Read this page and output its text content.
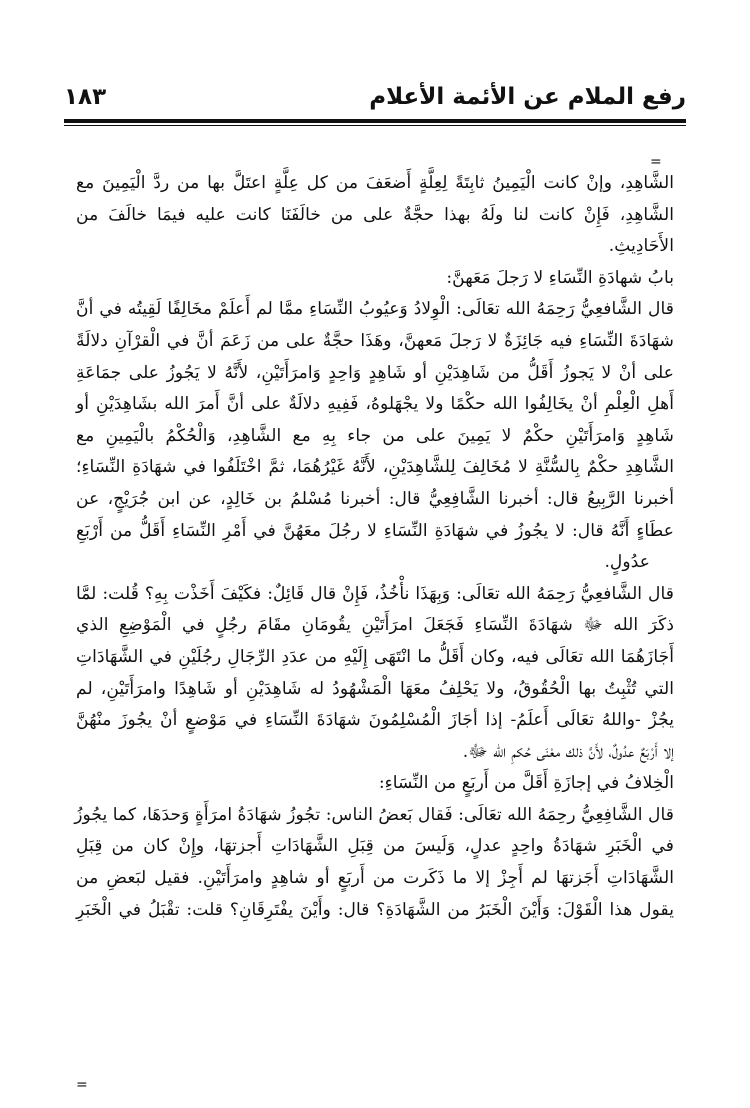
رفع الملام عن الأئمة الأعلام
١٨٣
=
الشَّاهِدِ، وإنْ كانت الْيَمِينُ ثابِتَةً لِعِلَّةٍ أَضعَفَ من كل عِلَّةٍ اعتَلَّ بها من ردَّ الْيَمِينَ مع
الشَّاهِدِ، فَإِنْ كانت لنا ولَهُ بهذا حجَّةٌ على من خالَفَنَا كانت عليه فيمَا خالَفَ من
الأَحَادِيثِ.
بابُ شهادَةِ النِّسَاءِ لا رَجلَ مَعَهنَّ:
قال الشَّافعِيُّ رَحِمَهُ الله تعَالَى: الْوِلادُ وَعيُوبُ النِّسَاءِ ممَّا لم أَعلَمْ مخَالِفًا لَقِيتُه في أنَّ
شهَادَةَ النِّسَاءِ فيه جَائِزَةٌ لا رَجلَ مَعهنَّ، وهَذَا حجَّةٌ على من زَعَمَ أنَّ في الْقرْآنِ دلالَةً
على أنْ لا يَجوزُ أَقَلُّ من شَاهِدَيْنِ أو شَاهِدٍ وَاحِدٍ وَامرَأَتَيْنِ، لأَنَّهُ لا يَجُوزُ على جمَاعَةِ
أَهلِ الْعِلْمِ أنْ يخَالِفُوا الله حكْمًا ولا يجْهَلوهُ، فَفِيهِ دلالَةٌ على أنَّ أَمرَ الله بشَاهِدَيْنِ أو
شَاهِدٍ وَامرَأَتَيْنِ حكْمٌ لا يَمِينَ على من جاء بِهِ مع الشَّاهِدِ، وَالْحُكْمُ بالْيَمِينِ مع
الشَّاهِدِ حكْمٌ بِالسُّنَّةِ لا مُخَالِفَ لِلشَّاهِدَيْنِ، لأَنَّهُ غَيْرُهُمَا، ثمَّ اخْتَلَفُوا في شهَادَةِ النِّسَاءِ؛
أخبرنا الرَّبِيعُ قال: أخبرنا الشَّافِعِيُّ قال: أخبرنا مُسْلمُ بن خَالِدٍ، عن ابن جُرَيْجٍ، عن
عطَاءٍ أَنَّهُ قال: لا يجُوزُ في شهَادَةِ النِّسَاءِ لا رجُلَ معَهُنَّ في أَمْرِ النِّسَاءِ أَقَلُّ من أَرْبَعِ
عدُولٍ.
قال الشَّافعِيُّ رَحِمَهُ الله تعَالَى: وَبِهَذَا نأْخُذُ، فَإِنْ قال قَائِلٌ: فكَيْفَ أَخَذْت بِهِ؟ قُلت: لمَّا
ذكَرَ الله ﷻ شهَادَةَ النِّسَاءِ فَجَعَلَ امرَأَتَيْنِ يقُومَانِ مقَامَ رجُلٍ في الْمَوْضِعِ الذي
أَجَازَهُمَا الله تعَالَى فيه، وكان أَقَلُّ ما انْتَهَى إِلَيْهِ من عدَدِ الرِّجَالِ رجُلَيْنِ في الشَّهَادَاتِ
التي تُثْبِتُ بها الْحُقُوقُ، ولا يَحْلِفُ معَهَا الْمَشْهُودُ له شَاهِدَيْنِ أو شَاهِدًا وامرَأَتَيْنِ، لم
يجُزْ -واللهُ تعَالَى أَعلَمُ- إذا أجَازَ الْمُسْلِمُونَ شهَادَةَ النِّسَاءِ في مَوْضعٍ أنْ يجُوزَ منْهُنَّ
إلا أَرْبَعٌ عدُولٌ، لأَنَّ ذلك معْنَى حُكمِ الله ﷻ.
الْخِلافُ في إجازَةِ أَقَلَّ من أَربَعٍ من النِّسَاءِ:
قال الشَّافِعِيُّ رحِمَهُ الله تعَالَى: فَقال بَعضُ الناس: تجُوزُ شهَادَةُ امرَأَةٍ وَحدَهَا، كما يجُوزُ
في الْخَبَرِ شهَادَةُ واحِدٍ عدلٍ، وَلَيسَ من قِبَلِ الشَّهَادَاتِ أَجزتهَا، وإِنْ كان من قِبَلِ
الشَّهَادَاتِ أَجَزتهَا لم أَجِزْ إلا ما ذَكَرت من أَربَعٍ أو شاهِدٍ وامرَأَتَيْنِ. فقيل لبَعضِ من
يقول هذا الْقَوْلَ: وَأَيْنَ الْخَبَرُ من الشَّهَادَةِ؟ قال: وأَيْنَ يفْتَرِقَانِ؟ قلت: تقْبَلُ في الْخَبَرِ
=
